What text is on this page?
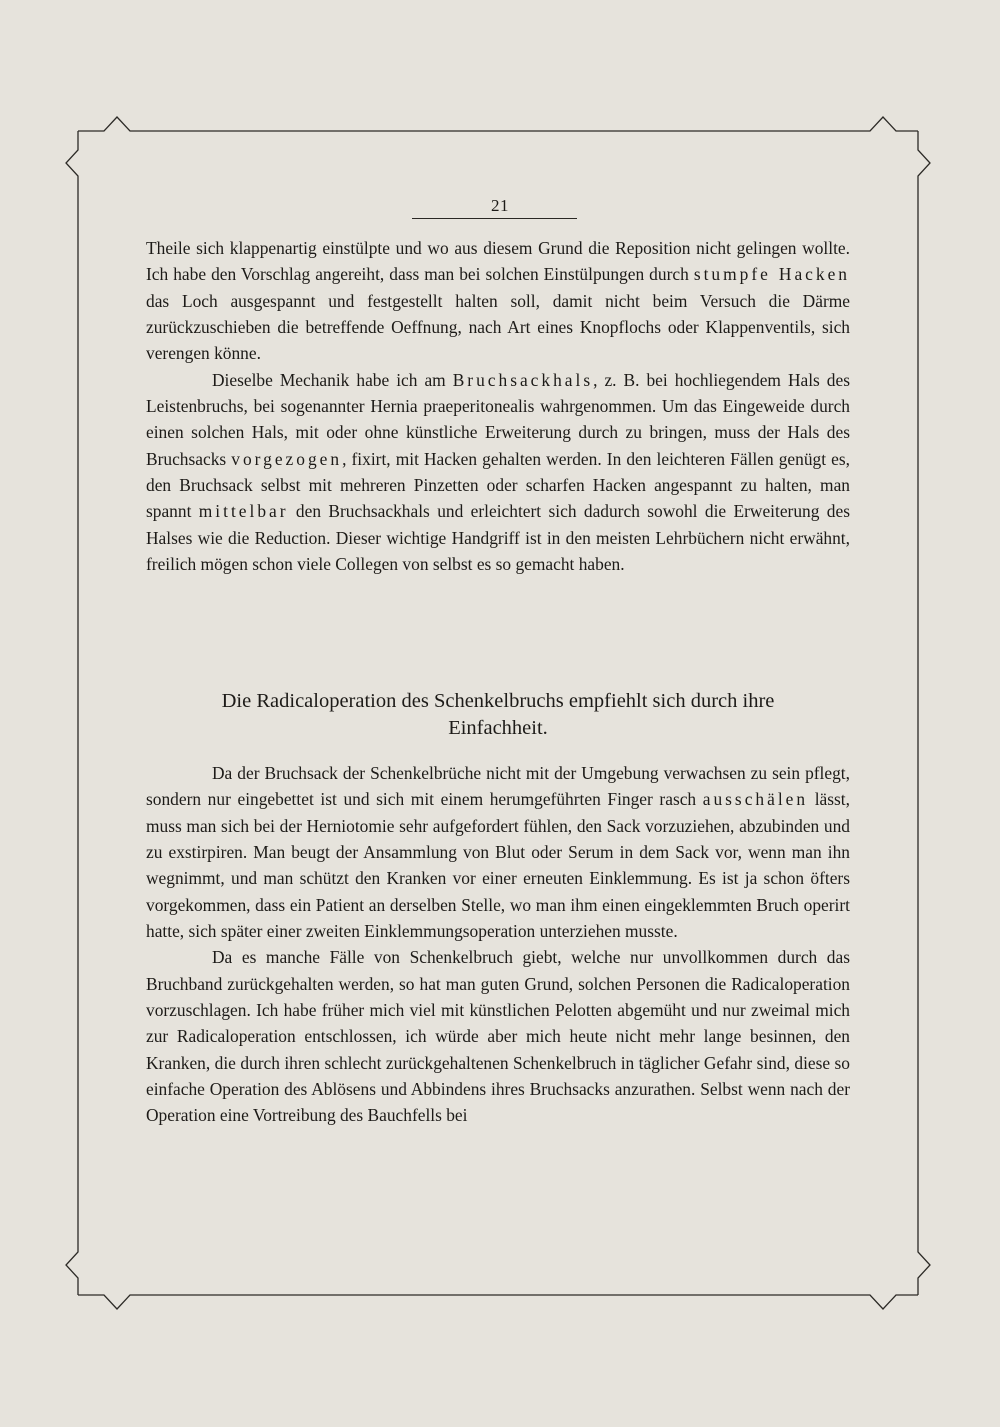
21

Theile sich klappenartig einstülpte und wo aus diesem Grund die Reposition nicht gelingen wollte. Ich habe den Vorschlag angereiht, dass man bei solchen Einstülpungen durch stumpfe Hacken das Loch ausgespannt und festgestellt halten soll, damit nicht beim Versuch die Därme zurückzuschieben die betreffende Oeffnung, nach Art eines Knopflochs oder Klappenventils, sich verengen könne.

Dieselbe Mechanik habe ich am Bruchsackhals, z. B. bei hochliegendem Hals des Leistenbruchs, bei sogenannter Hernia praeperitonealis wahrgenommen. Um das Eingeweide durch einen solchen Hals, mit oder ohne künstliche Erweiterung durch zu bringen, muss der Hals des Bruchsacks vorgezogen, fixirt, mit Hacken gehalten werden. In den leichteren Fällen genügt es, den Bruchsack selbst mit mehreren Pinzetten oder scharfen Hacken angespannt zu halten, man spannt mittelbar den Bruchsackhals und erleichtert sich dadurch sowohl die Erweiterung des Halses wie die Reduction. Dieser wichtige Handgriff ist in den meisten Lehrbüchern nicht erwähnt, freilich mögen schon viele Collegen von selbst es so gemacht haben.

Die Radicaloperation des Schenkelbruchs empfiehlt sich durch ihre
Einfachheit.

Da der Bruchsack der Schenkelbrüche nicht mit der Umgebung verwachsen zu sein pflegt, sondern nur eingebettet ist und sich mit einem herumgeführten Finger rasch ausschälen lässt, muss man sich bei der Herniotomie sehr aufgefordert fühlen, den Sack vorzuziehen, abzubinden und zu exstirpiren. Man beugt der Ansammlung von Blut oder Serum in dem Sack vor, wenn man ihn wegnimmt, und man schützt den Kranken vor einer erneuten Einklemmung. Es ist ja schon öfters vorgekommen, dass ein Patient an derselben Stelle, wo man ihm einen eingeklemmten Bruch operirt hatte, sich später einer zweiten Einklemmungsoperation unterziehen musste.

Da es manche Fälle von Schenkelbruch giebt, welche nur unvollkommen durch das Bruchband zurückgehalten werden, so hat man guten Grund, solchen Personen die Radicaloperation vorzuschlagen. Ich habe früher mich viel mit künstlichen Pelotten abgemüht und nur zweimal mich zur Radicaloperation entschlossen, ich würde aber mich heute nicht mehr lange besinnen, den Kranken, die durch ihren schlecht zurückgehaltenen Schenkelbruch in täglicher Gefahr sind, diese so einfache Operation des Ablösens und Abbindens ihres Bruchsacks anzurathen. Selbst wenn nach der Operation eine Vortreibung des Bauchfells bei
